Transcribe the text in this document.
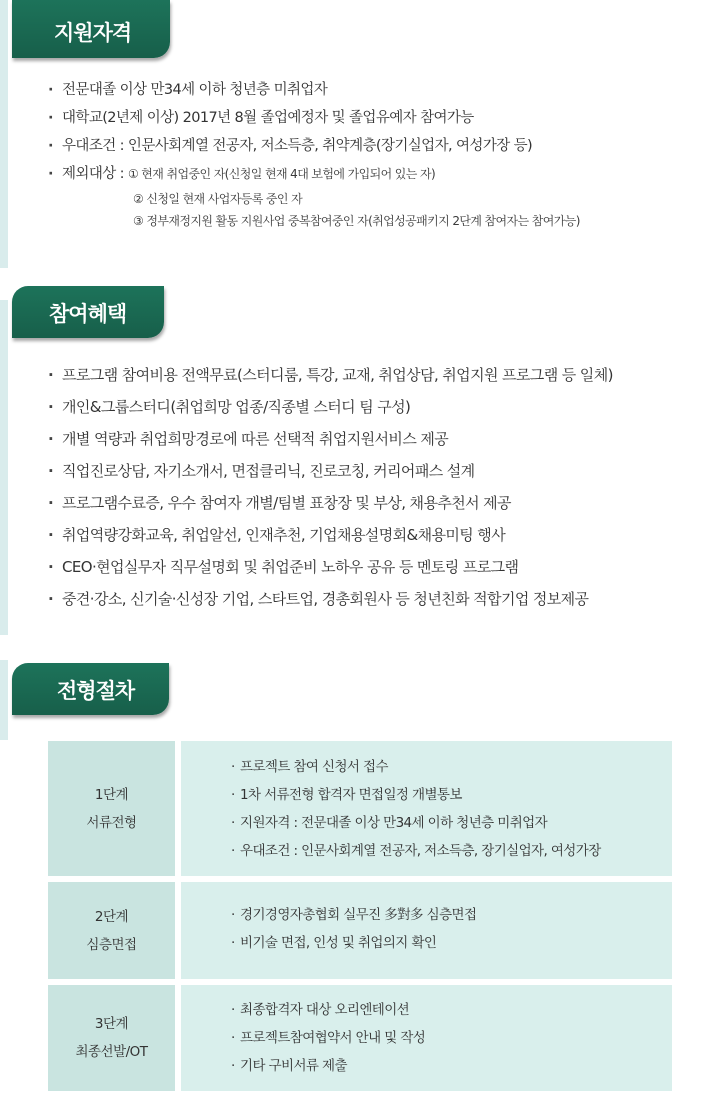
지원자격
· 전문대졸 이상 만34세 이하 청년층 미취업자
· 대학교(2년제 이상) 2017년 8월 졸업예정자 및 졸업유예자 참여가능
· 우대조건 : 인문사회계열 전공자, 저소득층, 취약계층(장기실업자, 여성가장 등)
· 제외대상 : ① 현재 취업중인 자(신청일 현재 4대 보험에 가입되어 있는 자)
② 신청일 현재 사업자등록 중인 자
③ 정부재정지원 활동 지원사업 중복참여중인 자(취업성공패키지 2단계 참여자는 참여가능)
참여혜택
· 프로그램 참여비용 전액무료(스터디룸, 특강, 교재, 취업상담, 취업지원 프로그램 등 일체)
· 개인&그룹스터디(취업희망 업종/직종별 스터디 팀 구성)
· 개별 역량과 취업희망경로에 따른 선택적 취업지원서비스 제공
· 직업진로상담, 자기소개서, 면접클리닉, 진로코칭, 커리어패스 설계
· 프로그램수료증, 우수 참여자 개별/팀별 표창장 및 부상, 채용추천서 제공
· 취업역량강화교육, 취업알선, 인재추천, 기업채용설명회&채용미팅 행사
· CEO·현업실무자 직무설명회 및 취업준비 노하우 공유 등 멘토링 프로그램
· 중견·강소, 신기술·신성장 기업, 스타트업, 경총회원사 등 청년친화 적합기업 정보제공
전형절차
1단계
서류전형
· 프로젝트 참여 신청서 접수
· 1차 서류전형 합격자 면접일정 개별통보
· 지원자격 : 전문대졸 이상 만34세 이하 청년층 미취업자
· 우대조건 : 인문사회계열 전공자, 저소득층, 장기실업자, 여성가장
2단계
심층면접
· 경기경영자총협회 실무진 多對多 심층면접
· 비기술 면접, 인성 및 취업의지 확인
3단계
최종선발/OT
· 최종합격자 대상 오리엔테이션
· 프로젝트참여협약서 안내 및 작성
· 기타 구비서류 제출
